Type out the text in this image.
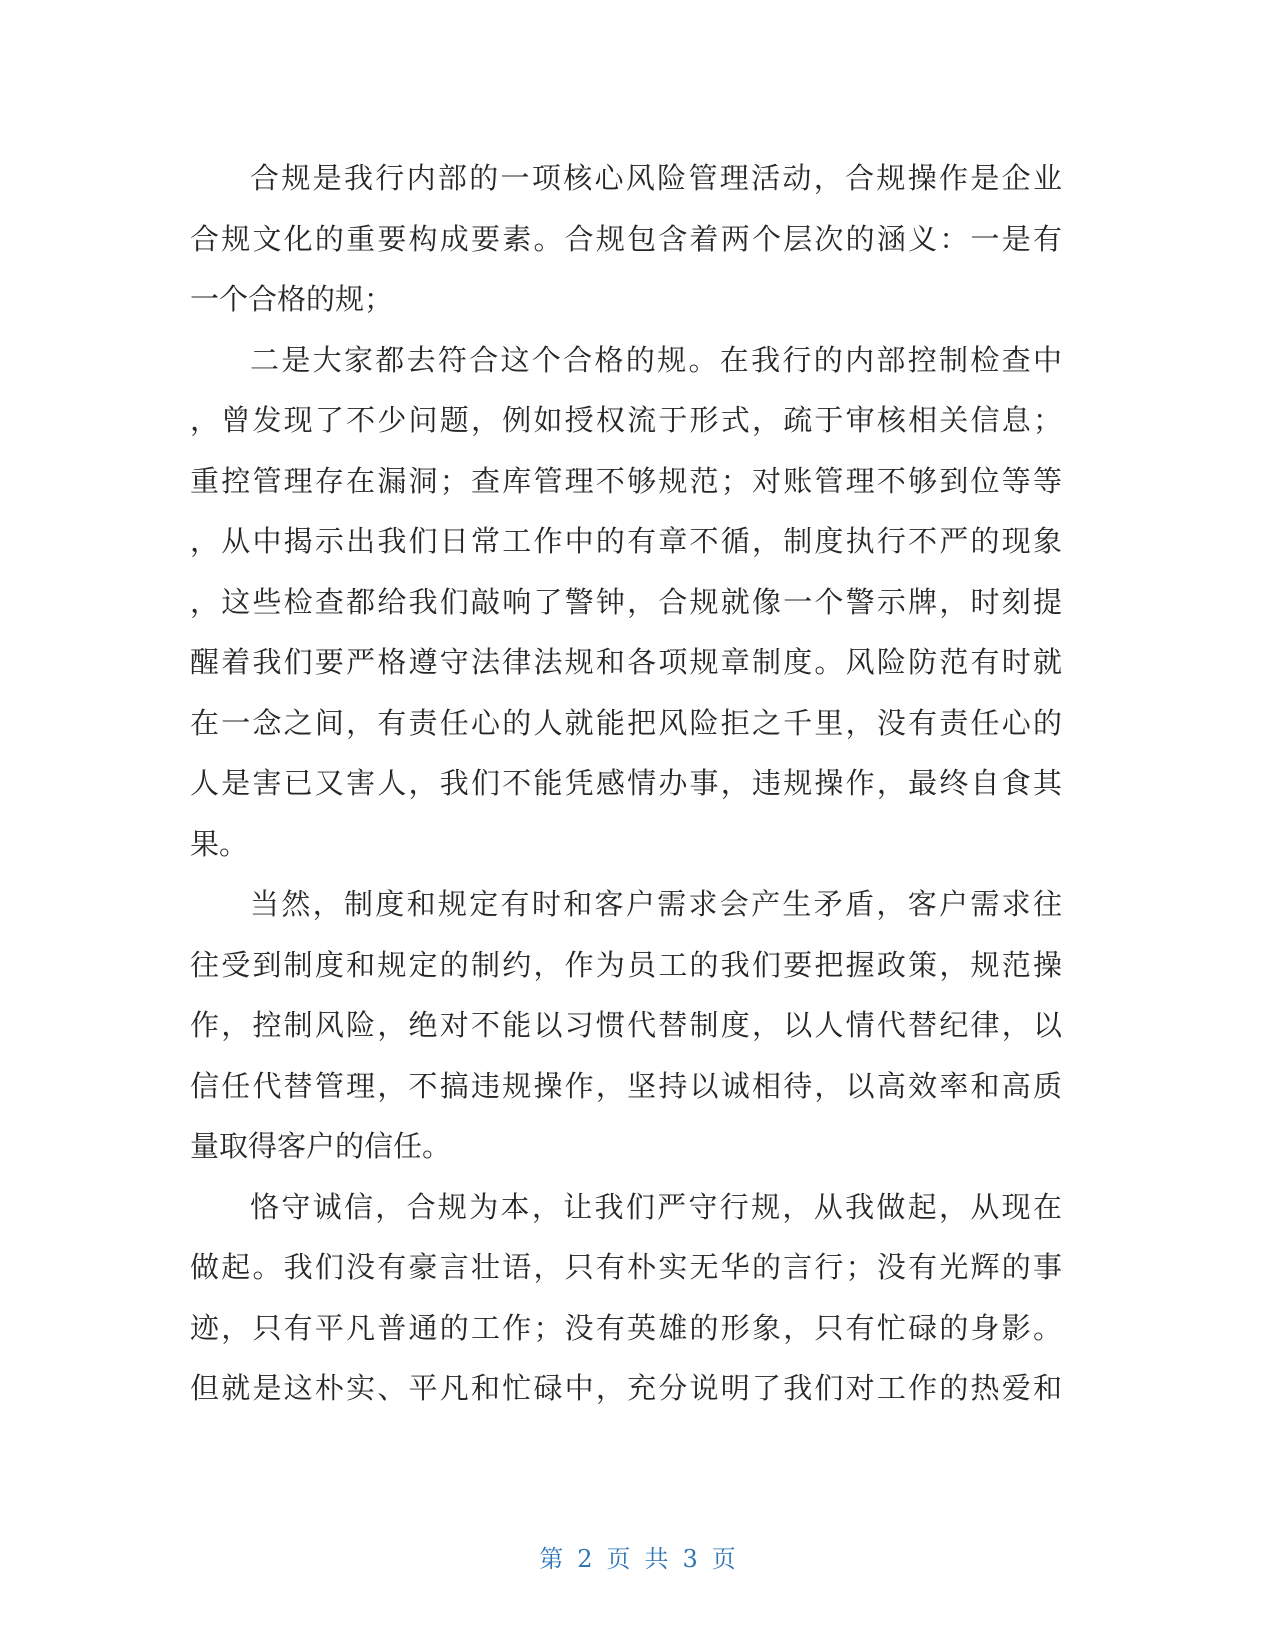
合规是我行内部的一项核心风险管理活动，合规操作是企业
合规文化的重要构成要素。合规包含着两个层次的涵义：一是有
一个合格的规；
二是大家都去符合这个合格的规。在我行的内部控制检查中
，曾发现了不少问题，例如授权流于形式，疏于审核相关信息；
重控管理存在漏洞；查库管理不够规范；对账管理不够到位等等
，从中揭示出我们日常工作中的有章不循，制度执行不严的现象
，这些检查都给我们敲响了警钟，合规就像一个警示牌，时刻提
醒着我们要严格遵守法律法规和各项规章制度。风险防范有时就
在一念之间，有责任心的人就能把风险拒之千里，没有责任心的
人是害已又害人，我们不能凭感情办事，违规操作，最终自食其
果。
当然，制度和规定有时和客户需求会产生矛盾，客户需求往
往受到制度和规定的制约，作为员工的我们要把握政策，规范操
作，控制风险，绝对不能以习惯代替制度，以人情代替纪律，以
信任代替管理，不搞违规操作，坚持以诚相待，以高效率和高质
量取得客户的信任。
恪守诚信，合规为本，让我们严守行规，从我做起，从现在
做起。我们没有豪言壮语，只有朴实无华的言行；没有光辉的事
迹，只有平凡普通的工作；没有英雄的形象，只有忙碌的身影。
但就是这朴实、平凡和忙碌中，充分说明了我们对工作的热爱和
第 2 页 共 3 页
